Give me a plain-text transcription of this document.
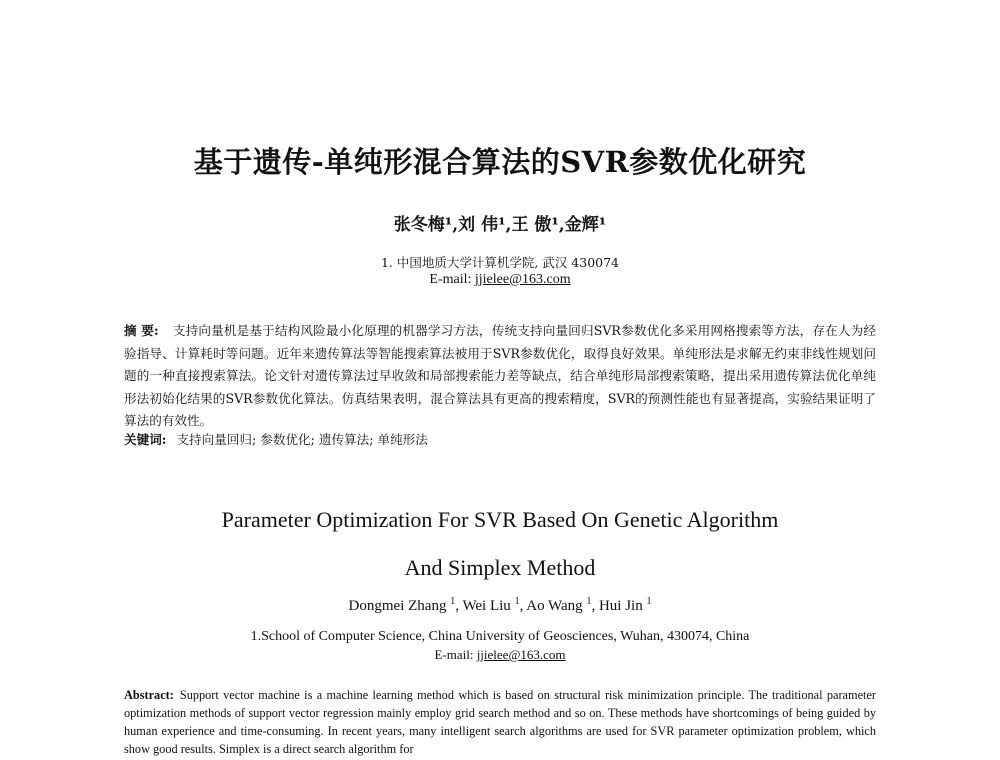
基于遗传-单纯形混合算法的SVR参数优化研究
张冬梅¹,刘 伟¹,王 傲¹,金辉¹
1. 中国地质大学计算机学院, 武汉 430074
E-mail: jjielee@163.com
摘 要: 支持向量机是基于结构风险最小化原理的机器学习方法，传统支持向量回归SVR参数优化多采用网格搜索等方法，存在人为经验指导、计算耗时等问题。近年来遗传算法等智能搜索算法被用于SVR参数优化，取得良好效果。单纯形法是求解无约束非线性规划问题的一种直接搜索算法。论文针对遗传算法过早收敛和局部搜索能力差等缺点，结合单纯形局部搜索策略，提出采用遗传算法优化单纯形法初始化结果的SVR参数优化算法。仿真结果表明，混合算法具有更高的搜索精度，SVR的预测性能也有显著提高，实验结果证明了算法的有效性。
关键词: 支持向量回归; 参数优化; 遗传算法; 单纯形法
Parameter Optimization For SVR Based On Genetic Algorithm
And Simplex Method
Dongmei Zhang $^1$, Wei Liu $^1$, Ao Wang $^1$, Hui Jin $^1$
1.School of Computer Science, China University of Geosciences, Wuhan, 430074, China
E-mail: jjielee@163.com
Abstract: Support vector machine is a machine learning method which is based on structural risk minimization principle. The traditional parameter optimization methods of support vector regression mainly employ grid search method and so on. These methods have shortcomings of being guided by human experience and time-consuming. In recent years, many intelligent search algorithms are used for SVR parameter optimization problem, which show good results. Simplex is a direct search algorithm for
